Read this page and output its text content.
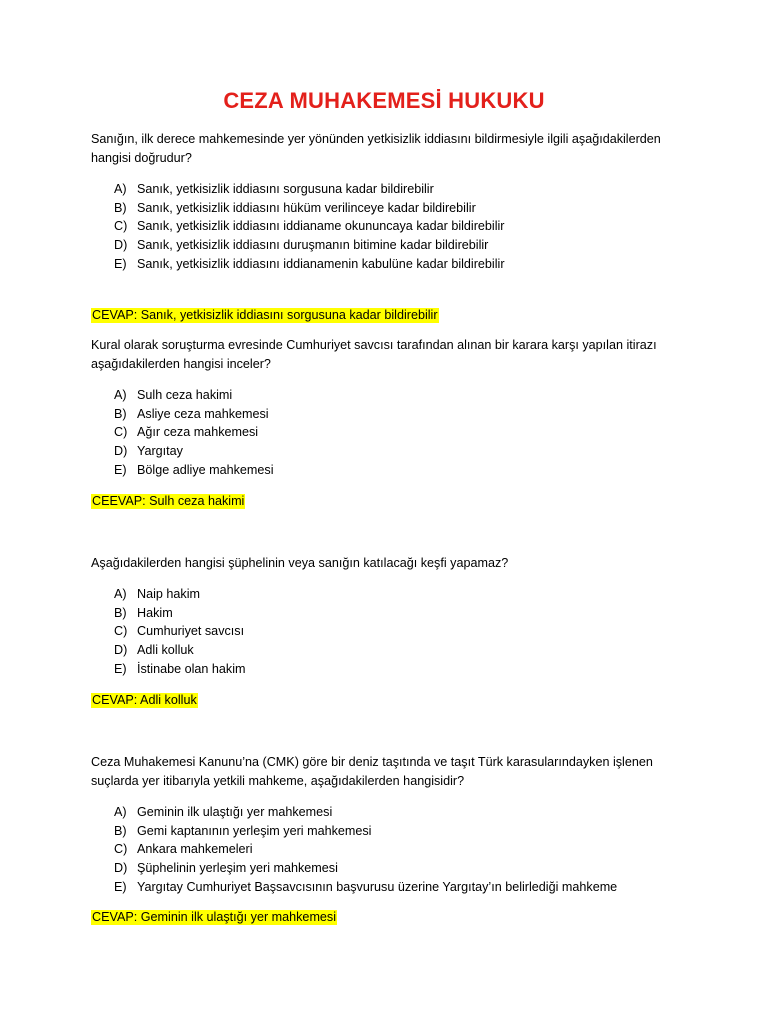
CEZA MUHAKEMESİ HUKUKU
Sanığın, ilk derece mahkemesinde yer yönünden yetkisizlik iddiasını bildirmesiyle ilgili aşağıdakilerden hangisi doğrudur?
A) Sanık, yetkisizlik iddiasını sorgusuna kadar bildirebilir
B) Sanık, yetkisizlik iddiasını hüküm verilinceye kadar bildirebilir
C) Sanık, yetkisizlik iddiasını iddianame okununcaya kadar bildirebilir
D) Sanık, yetkisizlik iddiasını duruşmanın bitimine kadar bildirebilir
E) Sanık, yetkisizlik iddiasını iddianamenin kabulüne kadar bildirebilir
CEVAP: Sanık, yetkisizlik iddiasını sorgusuna kadar bildirebilir
Kural olarak soruşturma evresinde Cumhuriyet savcısı tarafından alınan bir karara karşı yapılan itirazı aşağıdakilerden hangisi inceler?
A) Sulh ceza hakimi
B) Asliye ceza mahkemesi
C) Ağır ceza mahkemesi
D) Yargıtay
E) Bölge adliye mahkemesi
CEEVAP: Sulh ceza hakimi
Aşağıdakilerden hangisi şüphelinin veya sanığın katılacağı keşfi yapamaz?
A) Naip hakim
B) Hakim
C) Cumhuriyet savcısı
D) Adli kolluk
E) İstinabe olan hakim
CEVAP: Adli kolluk
Ceza Muhakemesi Kanunu’na (CMK) göre bir deniz taşıtında ve taşıt Türk karasularındayken işlenen suçlarda yer itibarıyla yetkili mahkeme, aşağıdakilerden hangisidir?
A) Geminin ilk ulaştığı yer mahkemesi
B) Gemi kaptanının yerleşim yeri mahkemesi
C) Ankara mahkemeleri
D) Şüphelinin yerleşim yeri mahkemesi
E) Yargıtay Cumhuriyet Başsavcısının başvurusu üzerine Yargıtay’ın belirlediği mahkeme
CEVAP: Geminin ilk ulaştığı yer mahkemesi
